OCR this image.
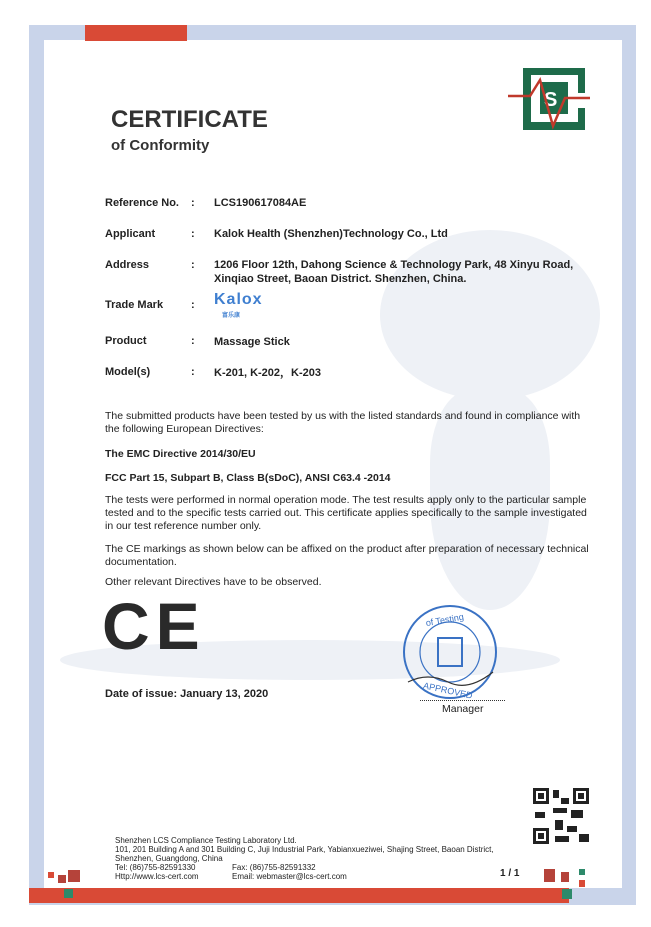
S
CERTIFICATE
of Conformity
Reference No. : LCS190617084AE
Applicant	: Kalok Health (Shenzhen)Technology Co., Ltd
Address	: 1206 Floor 12th, Dahong Science & Technology Park, 48 Xinyu Road,
Xinqiao Street, Baoan District. Shenzhen, China.
Trade Mark	: Kalox
富乐康
Product	: Massage Stick
Model(s)	: K-201, K-202，K-203
The submitted products have been tested by us with the listed standards and found in compliance with the following European Directives:
The EMC Directive 2014/30/EU
FCC Part 15, Subpart B, Class B(sDoC), ANSI C63.4 -2014
The tests were performed in normal operation mode. The test results apply only to the particular sample tested and to the specific tests carried out. This certificate applies specifically to the sample investigated in our test reference number only.
The CE markings as shown below can be affixed on the product after preparation of necessary technical documentation.
Other relevant Directives have to be observed.
CE
Date of issue: January 13, 2020
of Testing
APPROVED
Manager
Shenzhen LCS Compliance Testing Laboratory Ltd.
101, 201 Building A and 301 Building C, Juji Industrial Park, Yabianxueziwei, Shajing Street, Baoan District,
Shenzhen, Guangdong, China
Tel: (86)755-82591330	Fax: (86)755-82591332
Http://www.lcs-cert.com	Email: webmaster@lcs-cert.com	1 / 1
